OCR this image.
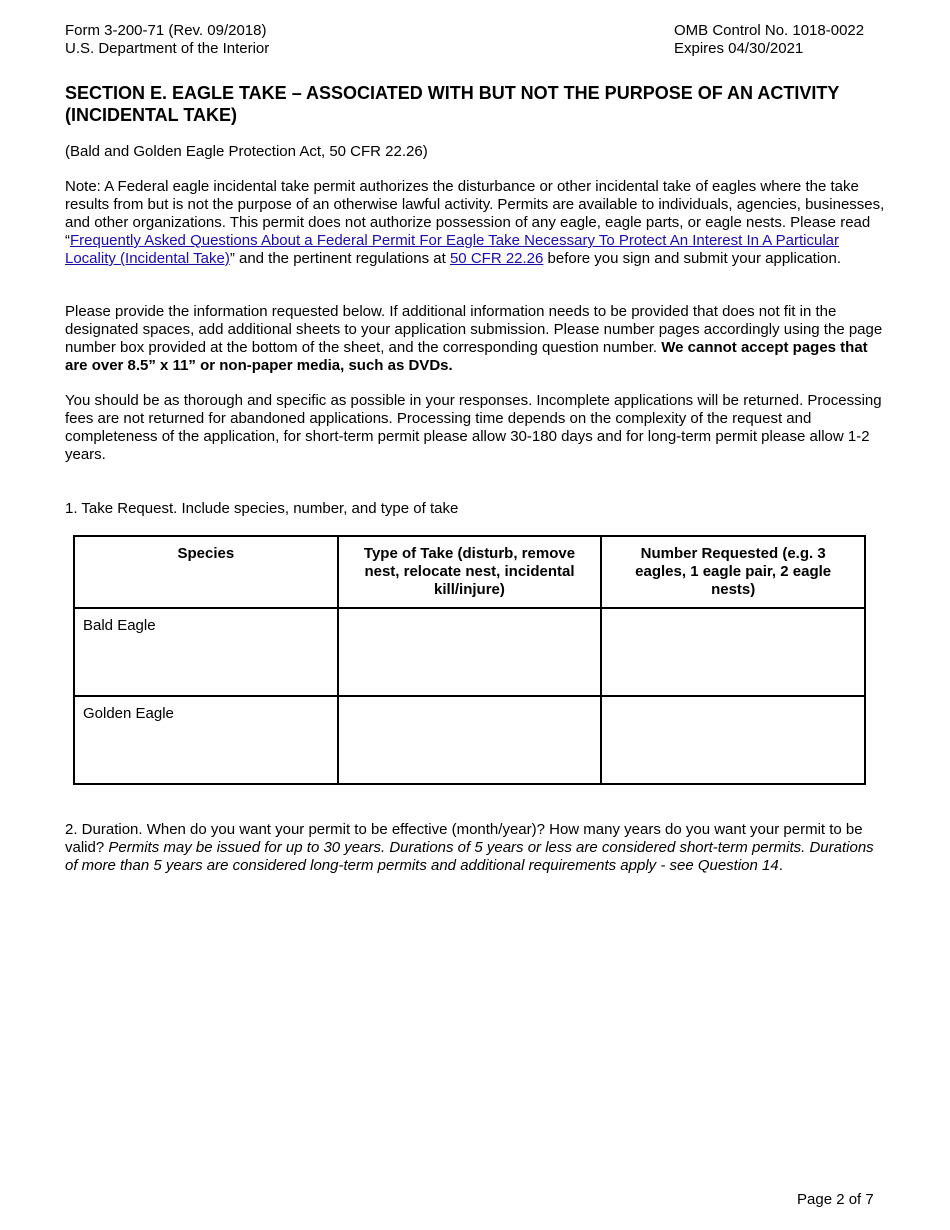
Form 3-200-71 (Rev. 09/2018)
U.S. Department of the Interior
OMB Control No. 1018-0022
Expires 04/30/2021
SECTION E. EAGLE TAKE – ASSOCIATED WITH BUT NOT THE PURPOSE OF AN ACTIVITY (INCIDENTAL TAKE)
(Bald and Golden Eagle Protection Act, 50 CFR 22.26)
Note: A Federal eagle incidental take permit authorizes the disturbance or other incidental take of eagles where the take results from but is not the purpose of an otherwise lawful activity. Permits are available to individuals, agencies, businesses, and other organizations. This permit does not authorize possession of any eagle, eagle parts, or eagle nests. Please read “Frequently Asked Questions About a Federal Permit For Eagle Take Necessary To Protect An Interest In A Particular Locality (Incidental Take)” and the pertinent regulations at 50 CFR 22.26 before you sign and submit your application.
Please provide the information requested below. If additional information needs to be provided that does not fit in the designated spaces, add additional sheets to your application submission. Please number pages accordingly using the page number box provided at the bottom of the sheet, and the corresponding question number. We cannot accept pages that are over 8.5” x 11” or non-paper media, such as DVDs.
You should be as thorough and specific as possible in your responses. Incomplete applications will be returned. Processing fees are not returned for abandoned applications. Processing time depends on the complexity of the request and completeness of the application, for short-term permit please allow 30-180 days and for long-term permit please allow 1-2 years.
1. Take Request. Include species, number, and type of take
Species	Type of Take (disturb, remove nest, relocate nest, incidental kill/injure)	Number Requested (e.g. 3 eagles, 1 eagle pair, 2 eagle nests)
Bald Eagle		
Golden Eagle		
2. Duration. When do you want your permit to be effective (month/year)? How many years do you want your permit to be valid? Permits may be issued for up to 30 years. Durations of 5 years or less are considered short-term permits. Durations of more than 5 years are considered long-term permits and additional requirements apply - see Question 14.
Page 2 of 7
